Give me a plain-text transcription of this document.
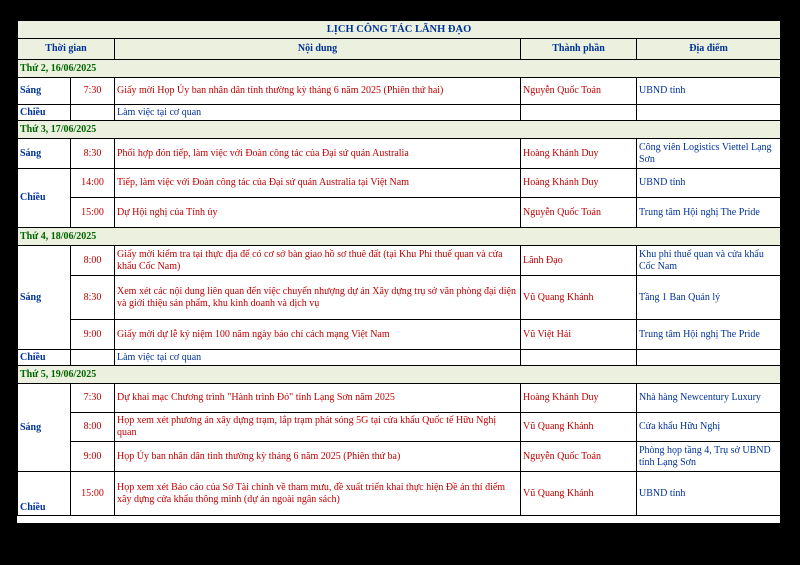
LỊCH CÔNG TÁC LÃNH ĐẠO				
Thời gian		Nội dung	Thành phần	Địa điểm
Thứ 2, 16/06/2025				
Sáng	7:30	Giấy mời Họp Ủy ban nhân dân tỉnh thường kỳ tháng 6 năm 2025 (Phiên thứ hai)	Nguyễn Quốc Toản	UBND tỉnh
Chiều		Làm việc tại cơ quan		
Thứ 3, 17/06/2025				
Sáng	8:30	Phối hợp đón tiếp, làm việc với Đoàn công tác của Đại sứ quán Australia	Hoàng Khánh Duy	Công viên Logistics Viettel Lạng Sơn
Chiều	14:00	Tiếp, làm việc với Đoàn công tác của Đại sứ quán Australia tại Việt Nam	Hoàng Khánh Duy	UBND tỉnh
	15:00	Dự Hội nghị của Tỉnh ủy	Nguyễn Quốc Toản	Trung tâm Hội nghị The Pride
Thứ 4, 18/06/2025				
Sáng	8:00	Giấy mời kiểm tra tại thực địa để có cơ sở bàn giao hồ sơ thuê đất (tại Khu Phi thuế quan và cửa khẩu Cốc Nam)	Lãnh Đạo	Khu phi thuế quan và cửa khẩu Cốc Nam
	8:30	Xem xét các nội dung liên quan đến việc chuyển nhượng dự án Xây dựng trụ sở văn phòng đại diện và giới thiệu sản phẩm, khu kinh doanh và dịch vụ	Vũ Quang Khánh	Tầng 1 Ban Quản lý
	9:00	Giấy mời dự lễ kỷ niệm 100 năm ngày báo chí cách mạng Việt Nam	Vũ Việt Hải	Trung tâm Hội nghị The Pride
Chiều		Làm việc tại cơ quan		
Thứ 5, 19/06/2025				
Sáng	7:30	Dự khai mạc Chương trình "Hành trình Đỏ" tỉnh Lạng Sơn năm 2025	Hoàng Khánh Duy	Nhà hàng Newcentury Luxury
	8:00	Họp xem xét phương án xây dựng trạm, lắp trạm phát sóng 5G tại cửa khẩu Quốc tế Hữu Nghị quan	Vũ Quang Khánh	Cửa khẩu Hữu Nghị
	9:00	Họp Ủy ban nhân dân tỉnh thường kỳ tháng 6 năm 2025 (Phiên thứ ba)	Nguyễn Quốc Toản	Phòng họp tầng 4, Trụ sở UBND tỉnh Lạng Sơn
Chiều	15:00	Họp xem xét Báo cáo của Sở Tài chính về tham mưu, đề xuất triển khai thực hiện Đề án thí điểm xây dựng cửa khẩu thông minh (dự án ngoài ngân sách)	Vũ Quang Khánh	UBND tỉnh
